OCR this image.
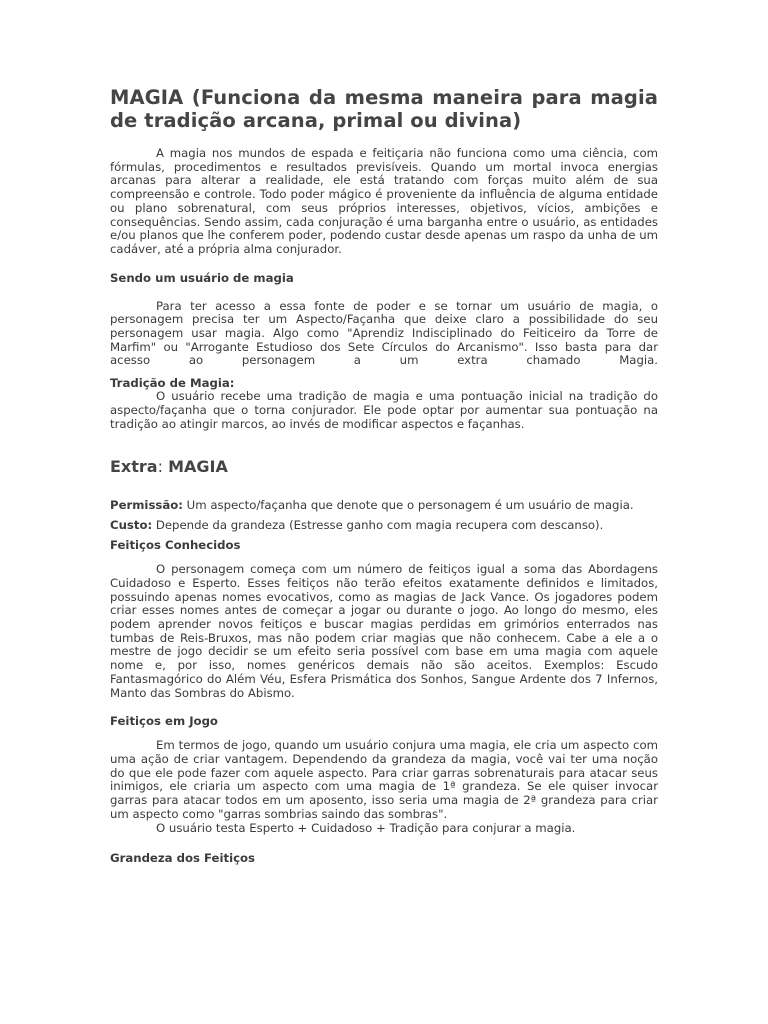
MAGIA (Funciona da mesma maneira para magia de tradição arcana, primal ou divina)

A magia nos mundos de espada e feitiçaria não funciona como uma ciência, com fórmulas, procedimentos e resultados previsíveis. Quando um mortal invoca energias arcanas para alterar a realidade, ele está tratando com forças muito além de sua compreensão e controle. Todo poder mágico é proveniente da influência de alguma entidade ou plano sobrenatural, com seus próprios interesses, objetivos, vícios, ambições e consequências. Sendo assim, cada conjuração é uma barganha entre o usuário, as entidades e/ou planos que lhe conferem poder, podendo custar desde apenas um raspo da unha de um cadáver, até a própria alma conjurador.

Sendo um usuário de magia

Para ter acesso a essa fonte de poder e se tornar um usuário de magia, o personagem precisa ter um Aspecto/Façanha que deixe claro a possibilidade do seu personagem usar magia. Algo como "Aprendiz Indisciplinado do Feiticeiro da Torre de Marfim" ou "Arrogante Estudioso dos Sete Círculos do Arcanismo". Isso basta para dar acesso ao personagem a um extra chamado Magia.

Tradição de Magia:

O usuário recebe uma tradição de magia e uma pontuação inicial na tradição do aspecto/façanha que o torna conjurador. Ele pode optar por aumentar sua pontuação na tradição ao atingir marcos, ao invés de modificar aspectos e façanhas.

Extra: MAGIA

Permissão: Um aspecto/façanha que denote que o personagem é um usuário de magia.

Custo: Depende da grandeza (Estresse ganho com magia recupera com descanso).

Feitiços Conhecidos

O personagem começa com um número de feitiços igual a soma das Abordagens Cuidadoso e Esperto. Esses feitiços não terão efeitos exatamente definidos e limitados, possuindo apenas nomes evocativos, como as magias de Jack Vance. Os jogadores podem criar esses nomes antes de começar a jogar ou durante o jogo. Ao longo do mesmo, eles podem aprender novos feitiços e buscar magias perdidas em grimórios enterrados nas tumbas de Reis-Bruxos, mas não podem criar magias que não conhecem. Cabe a ele a o mestre de jogo decidir se um efeito seria possível com base em uma magia com aquele nome e, por isso, nomes genéricos demais não são aceitos. Exemplos: Escudo Fantasmagórico do Além Véu, Esfera Prismática dos Sonhos, Sangue Ardente dos 7 Infernos, Manto das Sombras do Abismo.

Feitiços em Jogo

Em termos de jogo, quando um usuário conjura uma magia, ele cria um aspecto com uma ação de criar vantagem. Dependendo da grandeza da magia, você vai ter uma noção do que ele pode fazer com aquele aspecto. Para criar garras sobrenaturais para atacar seus inimigos, ele criaria um aspecto com uma magia de 1ª grandeza. Se ele quiser invocar garras para atacar todos em um aposento, isso seria uma magia de 2ª grandeza para criar um aspecto como "garras sombrias saindo das sombras".

O usuário testa Esperto + Cuidadoso + Tradição para conjurar a magia.

Grandeza dos Feitiços
